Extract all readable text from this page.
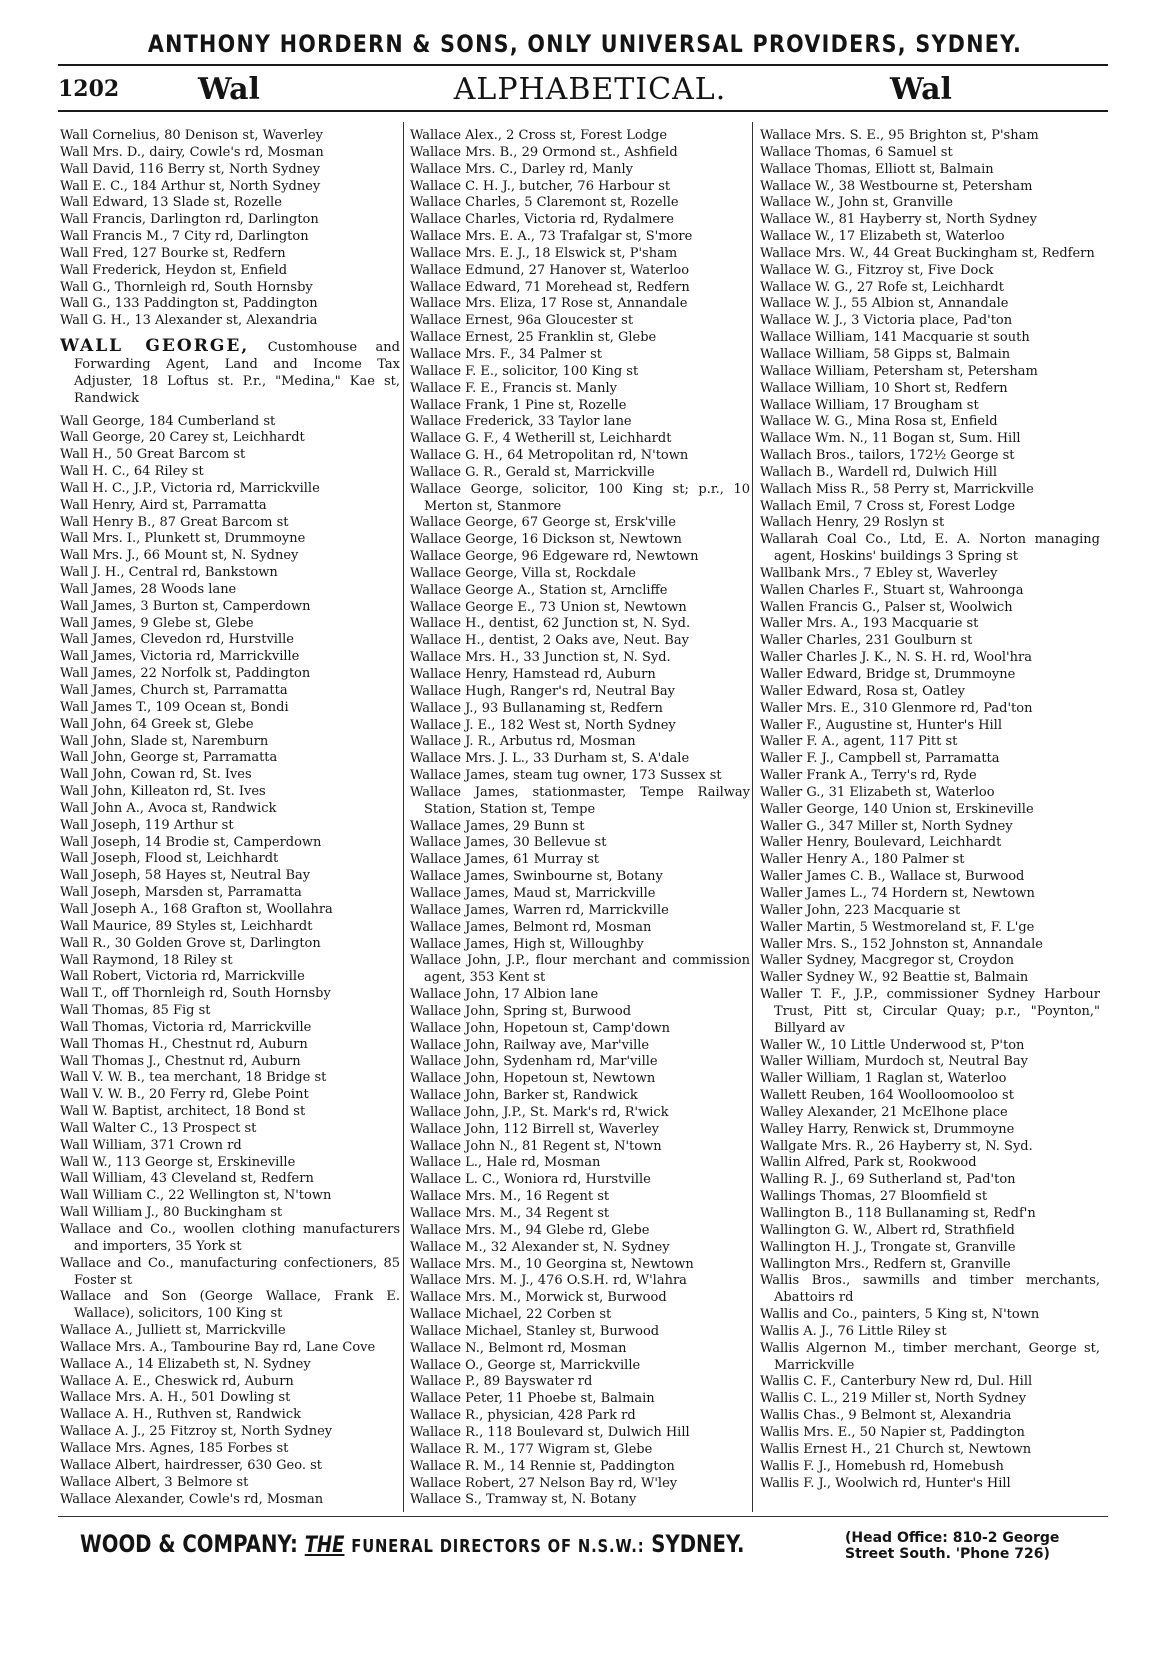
ANTHONY HORDERN & SONS, ONLY UNIVERSAL PROVIDERS, SYDNEY.
1202	Wal	ALPHABETICAL.	Wal
Wall Cornelius, 80 Denison st, Waverley
Wall Mrs. D., dairy, Cowle's rd, Mosman
Wall David, 116 Berry st, North Sydney
Wall E. C., 184 Arthur st, North Sydney
Wall Edward, 13 Slade st, Rozelle
Wall Francis, Darlington rd, Darlington
Wall Francis M., 7 City rd, Darlington
Wall Fred, 127 Bourke st, Redfern
Wall Frederick, Heydon st, Enfield
Wall G., Thornleigh rd, South Hornsby
Wall G., 133 Paddington st, Paddington
Wall G. H., 13 Alexander st, Alexandria
WALL GEORGE, Customhouse and Forwarding Agent, Land and Income Tax Adjuster, 18 Loftus st. P.r., "Medina," Kae st, Randwick
Wall George, 184 Cumberland st
Wall George, 20 Carey st, Leichhardt
Wall H., 50 Great Barcom st
Wall H. C., 64 Riley st
Wall H. C., J.P., Victoria rd, Marrickville
Wall Henry, Aird st, Parramatta
Wall Henry B., 87 Great Barcom st
Wall Mrs. I., Plunkett st, Drummoyne
Wall Mrs. J., 66 Mount st, N. Sydney
Wall J. H., Central rd, Bankstown
Wall James, 28 Woods lane
Wall James, 3 Burton st, Camperdown
Wall James, 9 Glebe st, Glebe
Wall James, Clevedon rd, Hurstville
Wall James, Victoria rd, Marrickville
Wall James, 22 Norfolk st, Paddington
Wall James, Church st, Parramatta
Wall James T., 109 Ocean st, Bondi
Wall John, 64 Greek st, Glebe
Wall John, Slade st, Naremburn
Wall John, George st, Parramatta
Wall John, Cowan rd, St. Ives
Wall John, Killeaton rd, St. Ives
Wall John A., Avoca st, Randwick
Wall Joseph, 119 Arthur st
Wall Joseph, 14 Brodie st, Camperdown
Wall Joseph, Flood st, Leichhardt
Wall Joseph, 58 Hayes st, Neutral Bay
Wall Joseph, Marsden st, Parramatta
Wall Joseph A., 168 Grafton st, Woollahra
Wall Maurice, 89 Styles st, Leichhardt
Wall R., 30 Golden Grove st, Darlington
Wall Raymond, 18 Riley st
Wall Robert, Victoria rd, Marrickville
Wall T., off Thornleigh rd, South Hornsby
Wall Thomas, 85 Fig st
Wall Thomas, Victoria rd, Marrickville
Wall Thomas H., Chestnut rd, Auburn
Wall Thomas J., Chestnut rd, Auburn
Wall V. W. B., tea merchant, 18 Bridge st
Wall V. W. B., 20 Ferry rd, Glebe Point
Wall W. Baptist, architect, 18 Bond st
Wall Walter C., 13 Prospect st
Wall William, 371 Crown rd
Wall W., 113 George st, Erskineville
Wall William, 43 Cleveland st, Redfern
Wall William C., 22 Wellington st, N'town
Wall William J., 80 Buckingham st
Wallace and Co., woollen clothing manufacturers and importers, 35 York st
Wallace and Co., manufacturing confectioners, 85 Foster st
Wallace and Son (George Wallace, Frank E. Wallace), solicitors, 100 King st
Wallace A., Julliett st, Marrickville
Wallace Mrs. A., Tambourine Bay rd, Lane Cove
Wallace A., 14 Elizabeth st, N. Sydney
Wallace A. E., Cheswick rd, Auburn
Wallace Mrs. A. H., 501 Dowling st
Wallace A. H., Ruthven st, Randwick
Wallace A. J., 25 Fitzroy st, North Sydney
Wallace Mrs. Agnes, 185 Forbes st
Wallace Albert, hairdresser, 630 Geo. st
Wallace Albert, 3 Belmore st
Wallace Alexander, Cowle's rd, Mosman
Wallace Alex., 2 Cross st, Forest Lodge
Wallace Mrs. B., 29 Ormond st., Ashfield
Wallace Mrs. C., Darley rd, Manly
Wallace C. H. J., butcher, 76 Harbour st
Wallace Charles, 5 Claremont st, Rozelle
Wallace Charles, Victoria rd, Rydalmere
Wallace Mrs. E. A., 73 Trafalgar st, S'more
Wallace Mrs. E. J., 18 Elswick st, P'sham
Wallace Edmund, 27 Hanover st, Waterloo
Wallace Edward, 71 Morehead st, Redfern
Wallace Mrs. Eliza, 17 Rose st, Annandale
Wallace Ernest, 96a Gloucester st
Wallace Ernest, 25 Franklin st, Glebe
Wallace Mrs. F., 34 Palmer st
Wallace F. E., solicitor, 100 King st
Wallace F. E., Francis st. Manly
Wallace Frank, 1 Pine st, Rozelle
Wallace Frederick, 33 Taylor lane
Wallace G. F., 4 Wetherill st, Leichhardt
Wallace G. H., 64 Metropolitan rd, N'town
Wallace G. R., Gerald st, Marrickville
Wallace George, solicitor, 100 King st; p.r., 10 Merton st, Stanmore
Wallace George, 67 George st, Ersk'ville
Wallace George, 16 Dickson st, Newtown
Wallace George, 96 Edgeware rd, Newtown
Wallace George, Villa st, Rockdale
Wallace George A., Station st, Arncliffe
Wallace George E., 73 Union st, Newtown
Wallace H., dentist, 62 Junction st, N. Syd.
Wallace H., dentist, 2 Oaks ave, Neut. Bay
Wallace Mrs. H., 33 Junction st, N. Syd.
Wallace Henry, Hamstead rd, Auburn
Wallace Hugh, Ranger's rd, Neutral Bay
Wallace J., 93 Bullanaming st, Redfern
Wallace J. E., 182 West st, North Sydney
Wallace J. R., Arbutus rd, Mosman
Wallace Mrs. J. L., 33 Durham st, S. A'dale
Wallace James, steam tug owner, 173 Sussex st
Wallace James, stationmaster, Tempe Railway Station, Station st, Tempe
Wallace James, 29 Bunn st
Wallace James, 30 Bellevue st
Wallace James, 61 Murray st
Wallace James, Swinbourne st, Botany
Wallace James, Maud st, Marrickville
Wallace James, Warren rd, Marrickville
Wallace James, Belmont rd, Mosman
Wallace James, High st, Willoughby
Wallace John, J.P., flour merchant and commission agent, 353 Kent st
Wallace John, 17 Albion lane
Wallace John, Spring st, Burwood
Wallace John, Hopetoun st, Camp'down
Wallace John, Railway ave, Mar'ville
Wallace John, Sydenham rd, Mar'ville
Wallace John, Hopetoun st, Newtown
Wallace John, Barker st, Randwick
Wallace John, J.P., St. Mark's rd, R'wick
Wallace John, 112 Birrell st, Waverley
Wallace John N., 81 Regent st, N'town
Wallace L., Hale rd, Mosman
Wallace L. C., Woniora rd, Hurstville
Wallace Mrs. M., 16 Regent st
Wallace Mrs. M., 34 Regent st
Wallace Mrs. M., 94 Glebe rd, Glebe
Wallace M., 32 Alexander st, N. Sydney
Wallace Mrs. M., 10 Georgina st, Newtown
Wallace Mrs. M. J., 476 O.S.H. rd, W'lahra
Wallace Mrs. M., Morwick st, Burwood
Wallace Michael, 22 Corben st
Wallace Michael, Stanley st, Burwood
Wallace N., Belmont rd, Mosman
Wallace O., George st, Marrickville
Wallace P., 89 Bayswater rd
Wallace Peter, 11 Phoebe st, Balmain
Wallace R., physician, 428 Park rd
Wallace R., 118 Boulevard st, Dulwich Hill
Wallace R. M., 177 Wigram st, Glebe
Wallace R. M., 14 Rennie st, Paddington
Wallace Robert, 27 Nelson Bay rd, W'ley
Wallace S., Tramway st, N. Botany
Wallace Mrs. S. E., 95 Brighton st, P'sham
Wallace Thomas, 6 Samuel st
Wallace Thomas, Elliott st, Balmain
Wallace W., 38 Westbourne st, Petersham
Wallace W., John st, Granville
Wallace W., 81 Hayberry st, North Sydney
Wallace W., 17 Elizabeth st, Waterloo
Wallace Mrs. W., 44 Great Buckingham st, Redfern
Wallace W. G., Fitzroy st, Five Dock
Wallace W. G., 27 Rofe st, Leichhardt
Wallace W. J., 55 Albion st, Annandale
Wallace W. J., 3 Victoria place, Pad'ton
Wallace William, 141 Macquarie st south
Wallace William, 58 Gipps st, Balmain
Wallace William, Petersham st, Petersham
Wallace William, 10 Short st, Redfern
Wallace William, 17 Brougham st
Wallace W. G., Mina Rosa st, Enfield
Wallace Wm. N., 11 Bogan st, Sum. Hill
Wallach Bros., tailors, 172½ George st
Wallach B., Wardell rd, Dulwich Hill
Wallach Miss R., 58 Perry st, Marrickville
Wallach Emil, 7 Cross st, Forest Lodge
Wallach Henry, 29 Roslyn st
Wallarah Coal Co., Ltd, E. A. Norton managing agent, Hoskins' buildings 3 Spring st
Wallbank Mrs., 7 Ebley st, Waverley
Wallen Charles F., Stuart st, Wahroonga
Wallen Francis G., Palser st, Woolwich
Waller Mrs. A., 193 Macquarie st
Waller Charles, 231 Goulburn st
Waller Charles J. K., N. S. H. rd, Wool'hra
Waller Edward, Bridge st, Drummoyne
Waller Edward, Rosa st, Oatley
Waller Mrs. E., 310 Glenmore rd, Pad'ton
Waller F., Augustine st, Hunter's Hill
Waller F. A., agent, 117 Pitt st
Waller F. J., Campbell st, Parramatta
Waller Frank A., Terry's rd, Ryde
Waller G., 31 Elizabeth st, Waterloo
Waller George, 140 Union st, Erskineville
Waller G., 347 Miller st, North Sydney
Waller Henry, Boulevard, Leichhardt
Waller Henry A., 180 Palmer st
Waller James C. B., Wallace st, Burwood
Waller James L., 74 Hordern st, Newtown
Waller John, 223 Macquarie st
Waller Martin, 5 Westmoreland st, F. L'ge
Waller Mrs. S., 152 Johnston st, Annandale
Waller Sydney, Macgregor st, Croydon
Waller Sydney W., 92 Beattie st, Balmain
Waller T. F., J.P., commissioner Sydney Harbour Trust, Pitt st, Circular Quay; p.r., "Poynton," Billyard av
Waller W., 10 Little Underwood st, P'ton
Waller William, Murdoch st, Neutral Bay
Waller William, 1 Raglan st, Waterloo
Wallett Reuben, 164 Woolloomooloo st
Walley Alexander, 21 McElhone place
Walley Harry, Renwick st, Drummoyne
Wallgate Mrs. R., 26 Hayberry st, N. Syd.
Wallin Alfred, Park st, Rookwood
Walling R. J., 69 Sutherland st, Pad'ton
Wallings Thomas, 27 Bloomfield st
Wallington B., 118 Bullanaming st, Redf'n
Wallington G. W., Albert rd, Strathfield
Wallington H. J., Trongate st, Granville
Wallington Mrs., Redfern st, Granville
Wallis Bros., sawmills and timber merchants, Abattoirs rd
Wallis and Co., painters, 5 King st, N'town
Wallis A. J., 76 Little Riley st
Wallis Algernon M., timber merchant, George st, Marrickville
Wallis C. F., Canterbury New rd, Dul. Hill
Wallis C. L., 219 Miller st, North Sydney
Wallis Chas., 9 Belmont st, Alexandria
Wallis Mrs. E., 50 Napier st, Paddington
Wallis Ernest H., 21 Church st, Newtown
Wallis F. J., Homebush rd, Homebush
Wallis F. J., Woolwich rd, Hunter's Hill
WOOD & COMPANY: THE FUNERAL DIRECTORS OF N.S.W.: SYDNEY.	(Head Office: 810-2 George
Street South. 'Phone 726)
